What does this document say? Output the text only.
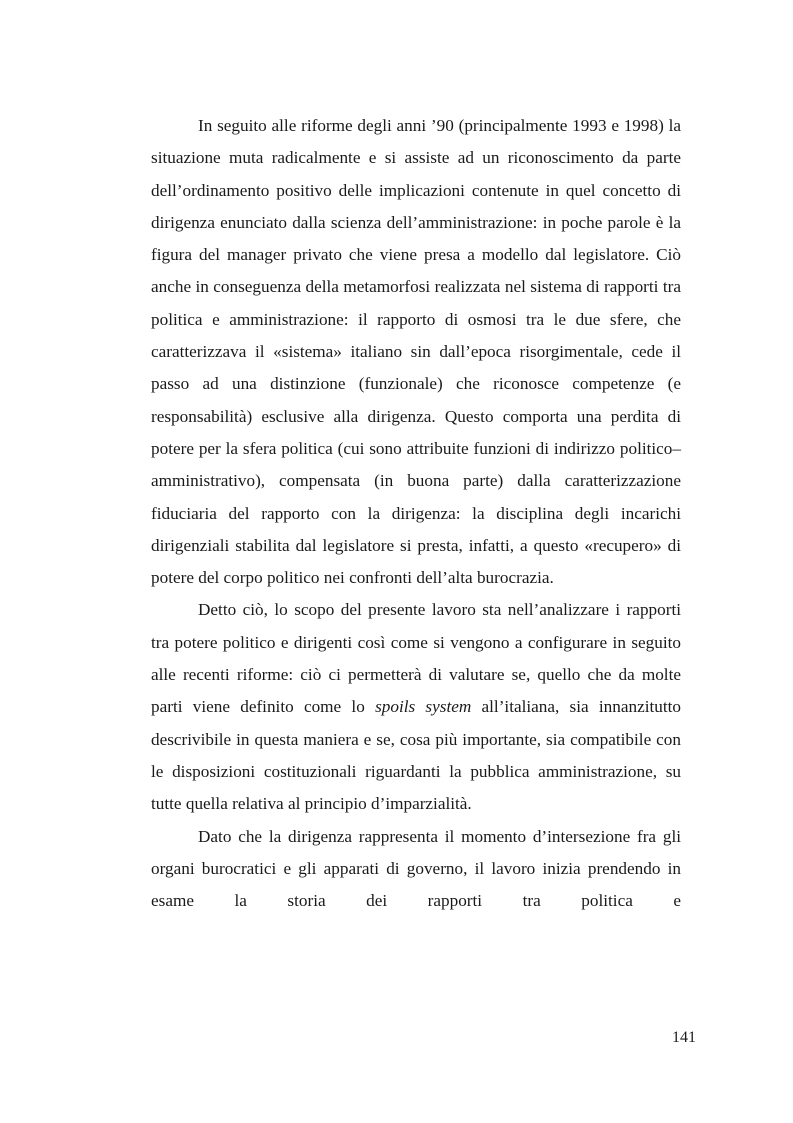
In seguito alle riforme degli anni ’90 (principalmente 1993 e 1998) la situazione muta radicalmente e si assiste ad un riconoscimento da parte dell’ordinamento positivo delle implicazioni contenute in quel concetto di dirigenza enunciato dalla scienza dell’amministrazione: in poche parole è la figura del manager privato che viene presa a modello dal legislatore. Ciò anche in conseguenza della metamorfosi realizzata nel sistema di rapporti tra politica e amministrazione: il rapporto di osmosi tra le due sfere, che caratterizzava il «sistema» italiano sin dall’epoca risorgimentale, cede il passo ad una distinzione (funzionale) che riconosce competenze (e responsabilità) esclusive alla dirigenza. Questo comporta una perdita di potere per la sfera politica (cui sono attribuite funzioni di indirizzo politico–amministrativo), compensata (in buona parte) dalla caratterizzazione fiduciaria del rapporto con la dirigenza: la disciplina degli incarichi dirigenziali stabilita dal legislatore si presta, infatti, a questo «recupero» di potere del corpo politico nei confronti dell’alta burocrazia.

Detto ciò, lo scopo del presente lavoro sta nell’analizzare i rapporti tra potere politico e dirigenti così come si vengono a configurare in seguito alle recenti riforme: ciò ci permetterà di valutare se, quello che da molte parti viene definito come lo spoils system all’italiana, sia innanzitutto descrivibile in questa maniera e se, cosa più importante, sia compatibile con le disposizioni costituzionali riguardanti la pubblica amministrazione, su tutte quella relativa al principio d’imparzialità.

Dato che la dirigenza rappresenta il momento d’intersezione fra gli organi burocratici e gli apparati di governo, il lavoro inizia prendendo in esame la storia dei rapporti tra politica e

141
